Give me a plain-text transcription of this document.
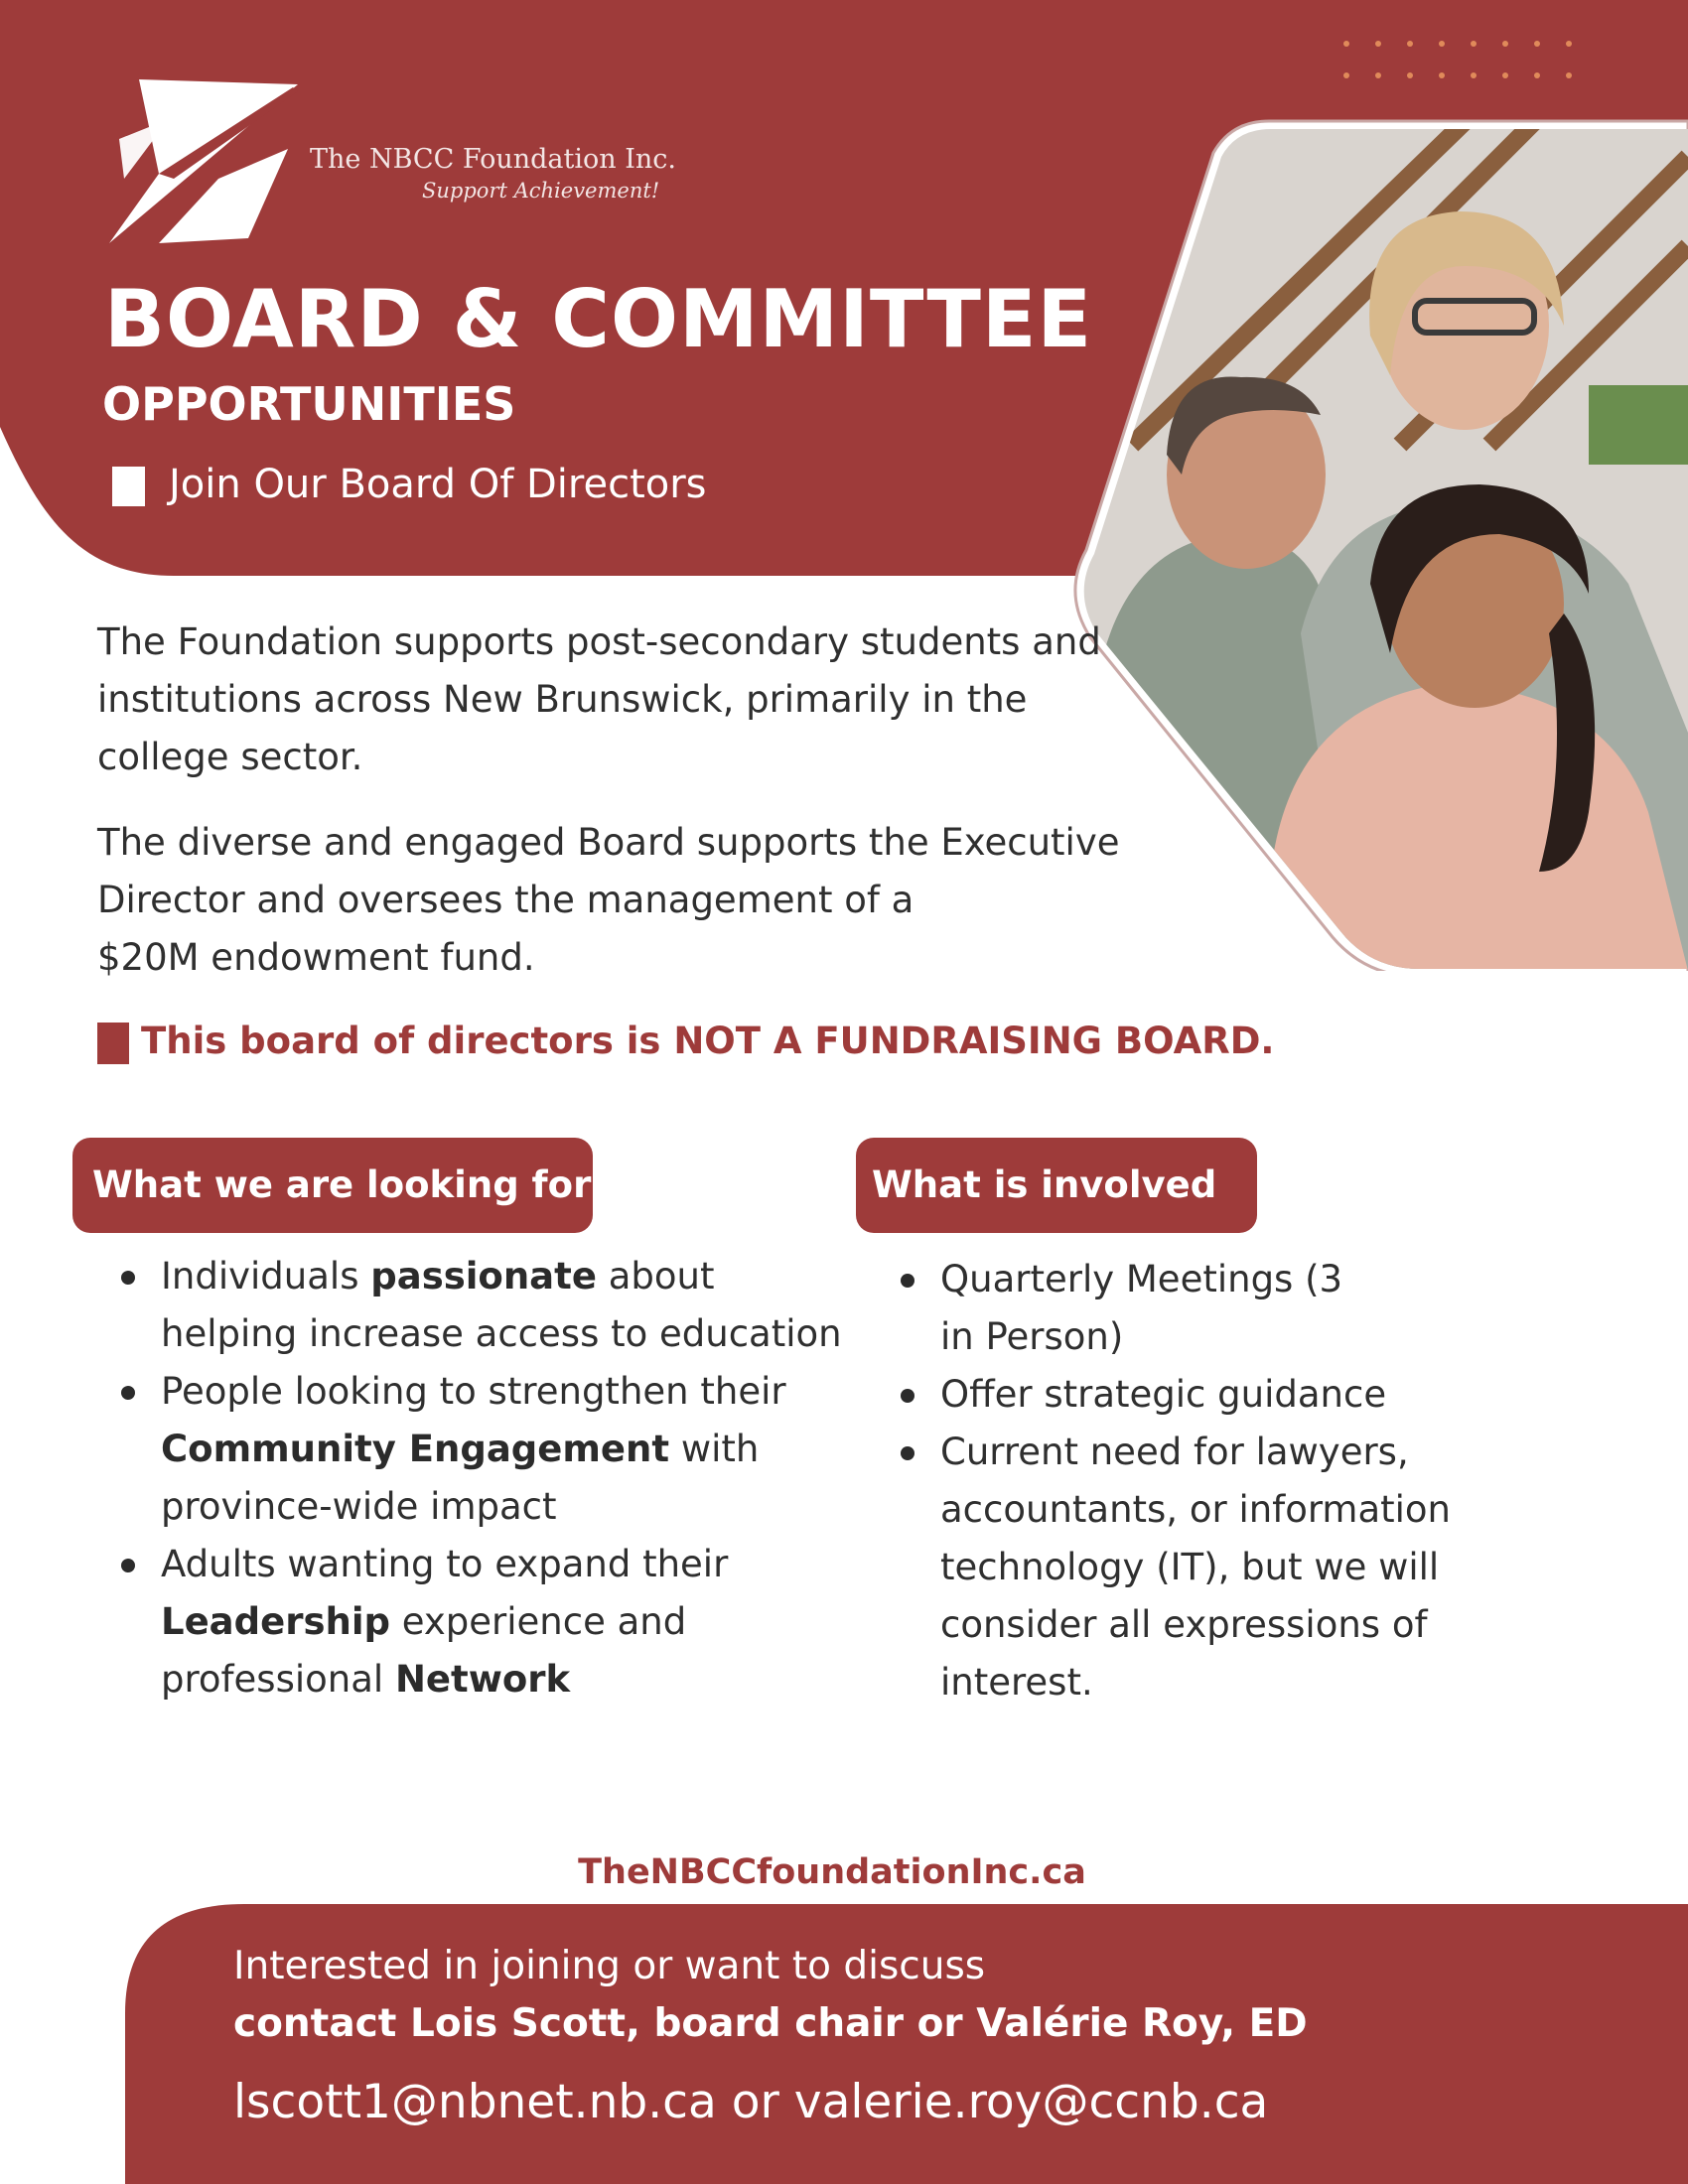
The NBCC Foundation Inc.
Support Achievement!
BOARD & COMMITTEE
OPPORTUNITIES
Join Our Board Of Directors

The Foundation supports post-secondary students and institutions across New Brunswick, primarily in the college sector.

The diverse and engaged Board supports the Executive
Director and oversees the management of a
$20M endowment fund.
This board of directors is NOT A FUNDRAISING BOARD.
What we are looking for
Individuals passionate about helping increase access to education
People looking to strengthen their Community Engagement with province-wide impact
Adults wanting to expand their Leadership experience and professional Network
What is involved
Quarterly Meetings (3 in Person)
Offer strategic guidance
Current need for lawyers, accountants, or information technology (IT), but we will consider all expressions of interest.
TheNBCCfoundationInc.ca
Interested in joining or want to discuss
contact Lois Scott, board chair or Valérie Roy, ED
lscott1@nbnet.nb.ca or valerie.roy@ccnb.ca
